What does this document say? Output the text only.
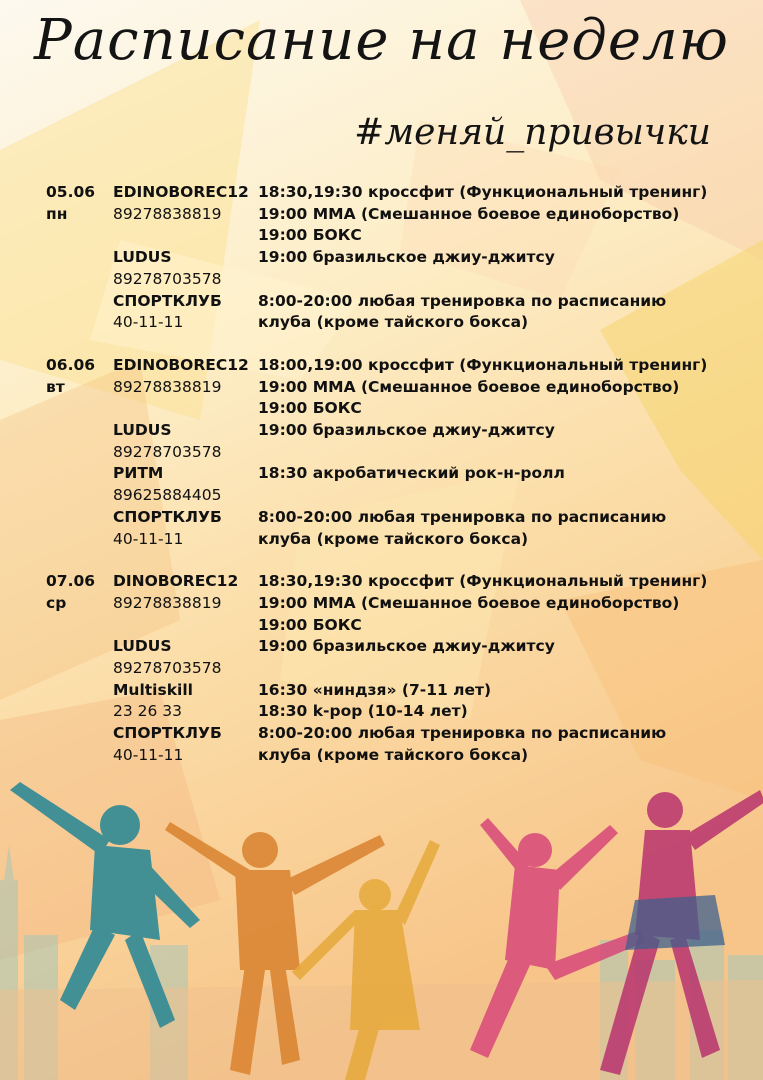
Расписание на неделю
#меняй_привычки
05.06
пн
EDINOBOREC12
89278838819
18:30,19:30 кроссфит (Функциональный тренинг)
19:00 ММА (Смешанное боевое единоборство)
19:00 БОКС
LUDUS
89278703578
19:00 бразильское джиу-джитсу
СПОРТКЛУБ
40-11-11
8:00-20:00 любая тренировка по расписанию
клуба (кроме тайского бокса)
06.06
вт
EDINOBOREC12
89278838819
18:00,19:00 кроссфит (Функциональный тренинг)
19:00 ММА (Смешанное боевое единоборство)
19:00 БОКС
LUDUS
89278703578
19:00 бразильское джиу-джитсу
РИТМ
89625884405
18:30 акробатический рок-н-ролл
СПОРТКЛУБ
40-11-11
8:00-20:00 любая тренировка по расписанию
клуба (кроме тайского бокса)
07.06
ср
DINOBOREC12
89278838819
18:30,19:30 кроссфит (Функциональный тренинг)
19:00 ММА (Смешанное боевое единоборство)
19:00 БОКС
LUDUS
89278703578
19:00 бразильское джиу-джитсу
Multiskill
23 26 33
16:30 «ниндзя» (7-11 лет)
18:30 k-pop (10-14 лет)
СПОРТКЛУБ
40-11-11
8:00-20:00 любая тренировка по расписанию
клуба (кроме тайского бокса)
